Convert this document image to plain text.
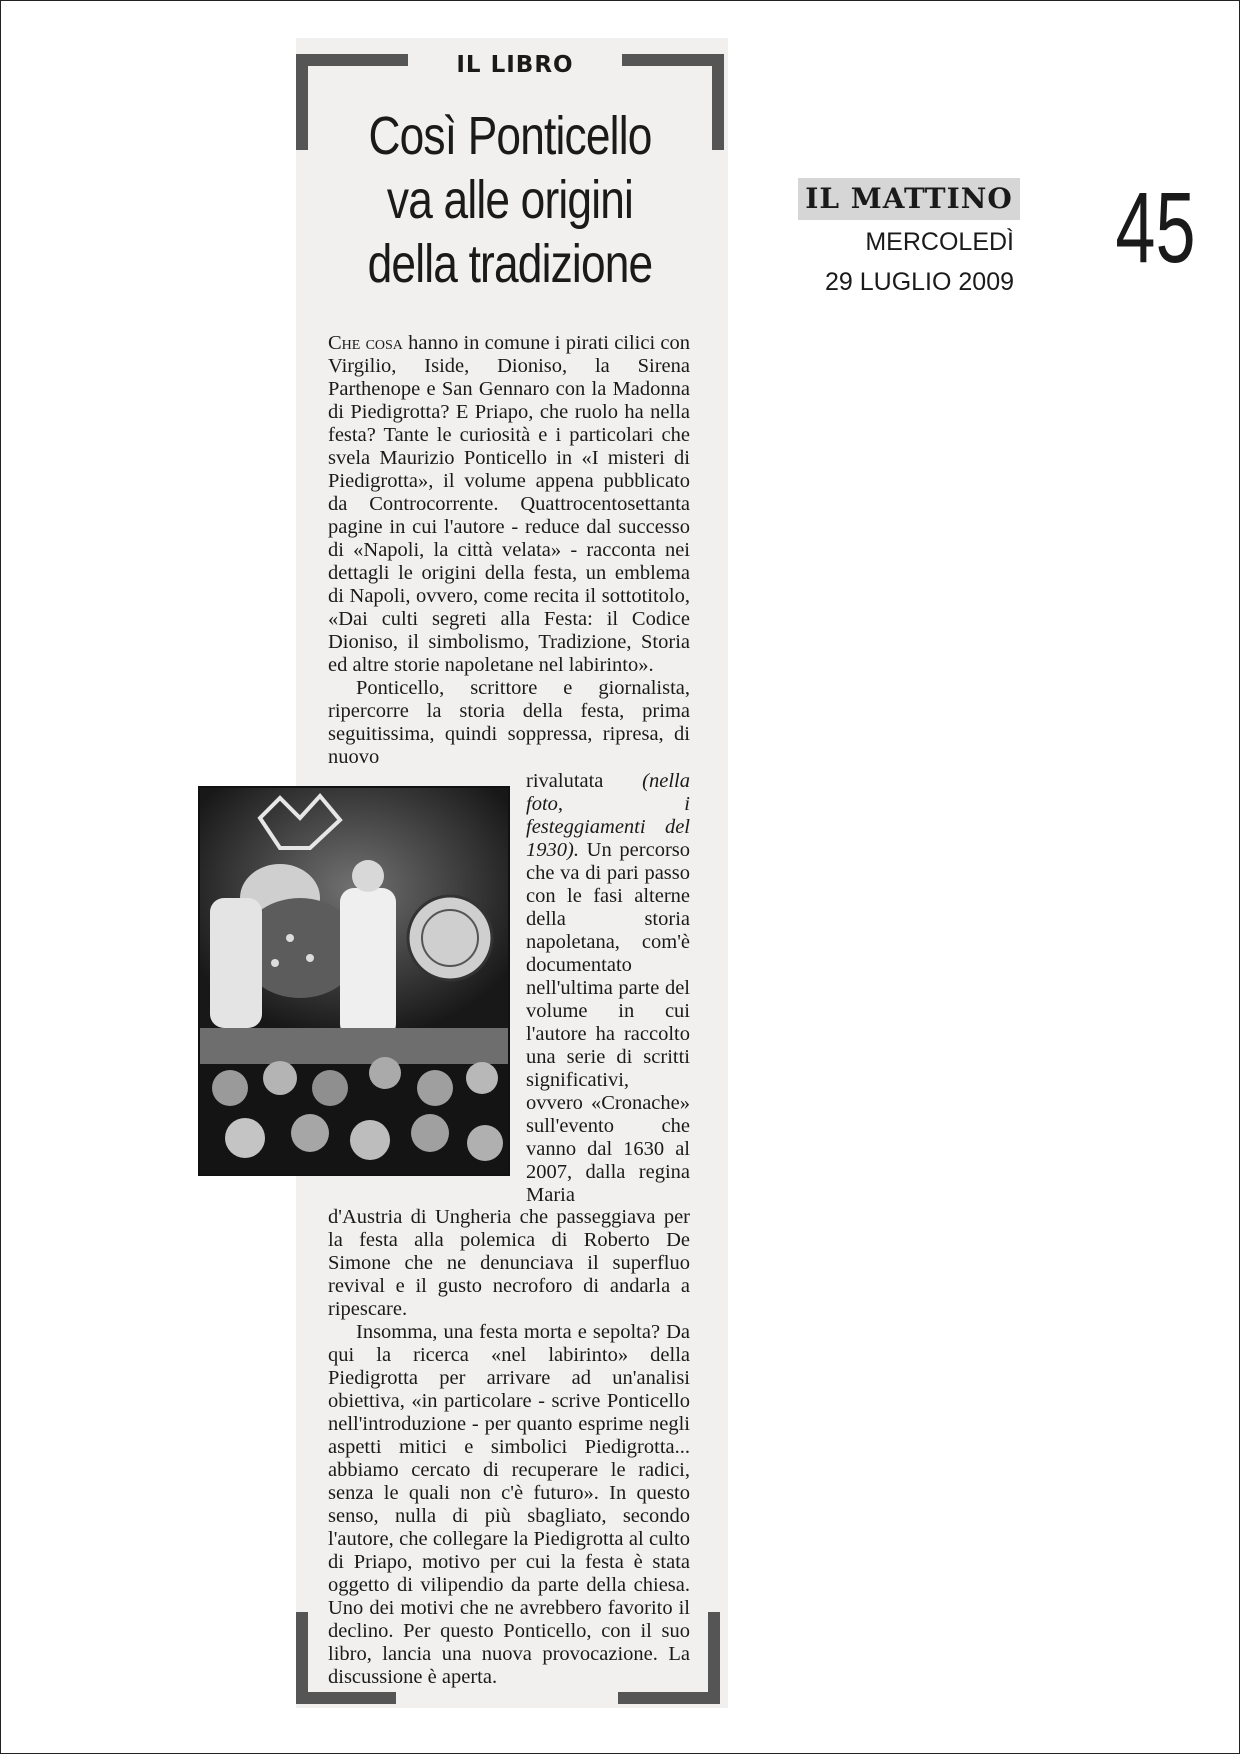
IL LIBRO
Così Ponticello
va alle origini
della tradizione
IL MATTINO
MERCOLEDÌ
29 LUGLIO 2009 45

Che cosa hanno in comune i pirati cilici con Virgilio, Iside, Dioniso, la Sirena Parthenope e San Gennaro con la Madonna di Piedigrotta? E Priapo, che ruolo ha nella festa? Tante le curiosità e i particolari che svela Maurizio Ponticello in «I misteri di Piedigrotta», il volume appena pubblicato da Controcorrente. Quattrocentosettanta pagine in cui l'autore - reduce dal successo di «Napoli, la città velata» - racconta nei dettagli le origini della festa, un emblema di Napoli, ovvero, come recita il sottotitolo, «Dai culti segreti alla Festa: il Codice Dioniso, il simbolismo, Tradizione, Storia ed altre storie napoletane nel labirinto».

Ponticello, scrittore e giornalista, ripercorre la storia della festa, prima seguitissima, quindi soppressa, ripresa, di nuovo

rivalutata (nella foto, i festeggiamenti del 1930). Un percorso che va di pari passo con le fasi alterne della storia napoletana, com'è documentato nell'ultima parte del volume in cui l'autore ha raccolto una serie di scritti significativi, ovvero «Cronache» sull'evento che vanno dal 1630 al 2007, dalla regina Maria

d'Austria di Ungheria che passeggiava per la festa alla polemica di Roberto De Simone che ne denunciava il superfluo revival e il gusto necroforo di andarla a ripescare.

Insomma, una festa morta e sepolta? Da qui la ricerca «nel labirinto» della Piedigrotta per arrivare ad un'analisi obiettiva, «in particolare - scrive Ponticello nell'introduzione - per quanto esprime negli aspetti mitici e simbolici Piedigrotta... abbiamo cercato di recuperare le radici, senza le quali non c'è futuro». In questo senso, nulla di più sbagliato, secondo l'autore, che collegare la Piedigrotta al culto di Priapo, motivo per cui la festa è stata oggetto di vilipendio da parte della chiesa. Uno dei motivi che ne avrebbero favorito il declino. Per questo Ponticello, con il suo libro, lancia una nuova provocazione. La discussione è aperta.
